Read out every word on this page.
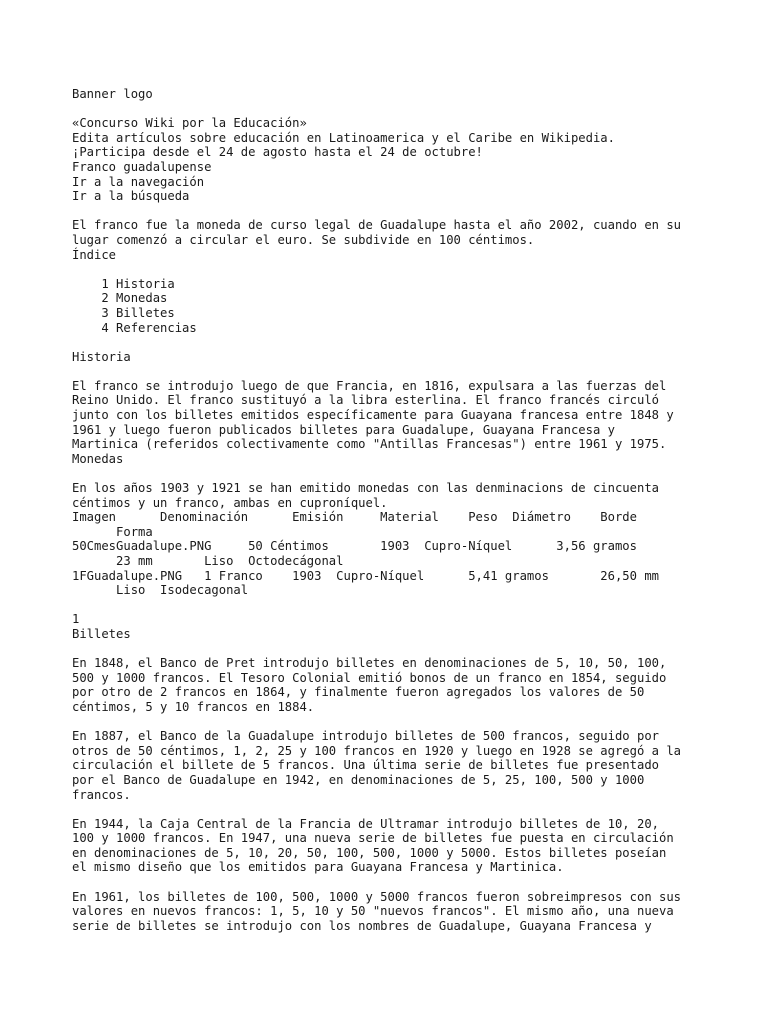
Banner logo
«Concurso Wiki por la Educación»
Edita artículos sobre educación en Latinoamerica y el Caribe en Wikipedia.
¡Participa desde el 24 de agosto hasta el 24 de octubre!
Franco guadalupense
Ir a la navegación
Ir a la búsqueda
El franco fue la moneda de curso legal de Guadalupe hasta el año 2002, cuando en su
lugar comenzó a circular el euro. Se subdivide en 100 céntimos.
Índice
1 Historia
2 Monedas
3 Billetes
4 Referencias
Historia
El franco se introdujo luego de que Francia, en 1816, expulsara a las fuerzas del
Reino Unido. El franco sustituyó a la libra esterlina. El franco francés circuló
junto con los billetes emitidos específicamente para Guayana francesa entre 1848 y
1961 y luego fueron publicados billetes para Guadalupe, Guayana Francesa y
Martinica (referidos colectivamente como "Antillas Francesas") entre 1961 y 1975.
Monedas
En los años 1903 y 1921 se han emitido monedas con las denminacions de cincuenta
céntimos y un franco, ambas en cuproníquel.
Imagen      Denominación      Emisión     Material    Peso  Diámetro    Borde
Forma
50CmesGuadalupe.PNG     50 Céntimos       1903  Cupro-Níquel      3,56 gramos
23 mm       Liso  Octodecágonal
1FGuadalupe.PNG   1 Franco    1903  Cupro-Níquel      5,41 gramos       26,50 mm
Liso  Isodecagonal
1
Billetes
En 1848, el Banco de Pret introdujo billetes en denominaciones de 5, 10, 50, 100,
500 y 1000 francos. El Tesoro Colonial emitió bonos de un franco en 1854, seguido
por otro de 2 francos en 1864, y finalmente fueron agregados los valores de 50
céntimos, 5 y 10 francos en 1884.
En 1887, el Banco de la Guadalupe introdujo billetes de 500 francos, seguido por
otros de 50 céntimos, 1, 2, 25 y 100 francos en 1920 y luego en 1928 se agregó a la
circulación el billete de 5 francos. Una última serie de billetes fue presentado
por el Banco de Guadalupe en 1942, en denominaciones de 5, 25, 100, 500 y 1000
francos.
En 1944, la Caja Central de la Francia de Ultramar introdujo billetes de 10, 20,
100 y 1000 francos. En 1947, una nueva serie de billetes fue puesta en circulación
en denominaciones de 5, 10, 20, 50, 100, 500, 1000 y 5000. Estos billetes poseían
el mismo diseño que los emitidos para Guayana Francesa y Martinica.
En 1961, los billetes de 100, 500, 1000 y 5000 francos fueron sobreimpresos con sus
valores en nuevos francos: 1, 5, 10 y 50 "nuevos francos". El mismo año, una nueva
serie de billetes se introdujo con los nombres de Guadalupe, Guayana Francesa y
